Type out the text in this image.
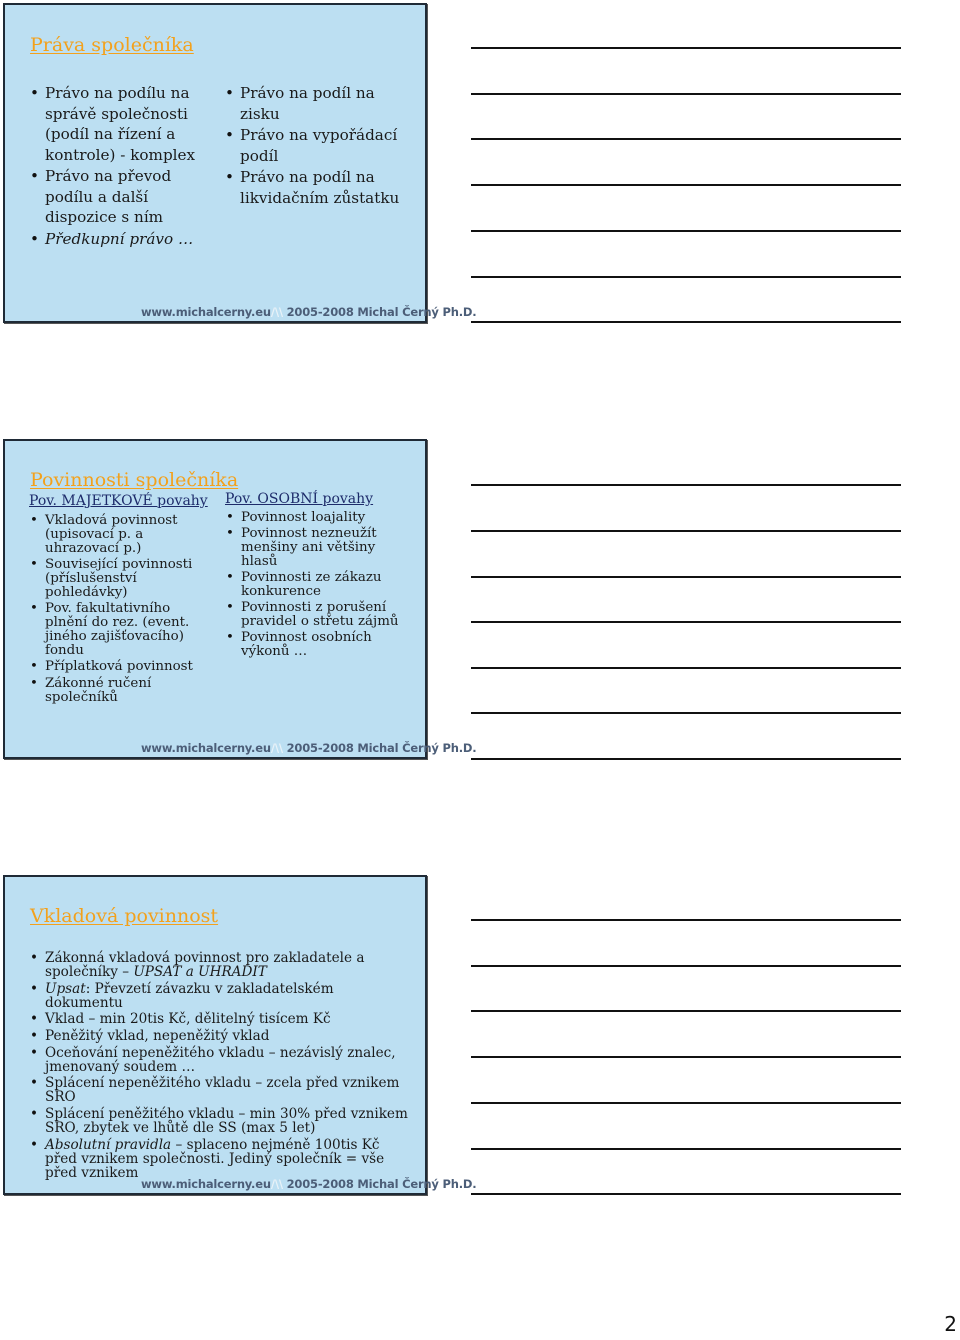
Práva společníka
• Právo na podílu na správě společnosti (podíl na řízení a kontrole) - komplex
• Právo na převod podílu a další dispozice s ním
• Předkupní právo …
• Právo na podíl na zisku
• Právo na vypořádací podíl
• Právo na podíl na likvidačním zůstatku
www.michalcerny.eu/\\ 2005-2008 Michal Černý Ph.D.
Povinnosti společníka
Pov. MAJETKOVÉ povahy Pov. OSOBNÍ povahy
• Vkladová povinnost (upisovací p. a uhrazovací p.)
• Související povinnosti (příslušenství pohledávky)
• Pov. fakultativního plnění do rez. (event. jiného zajišťovacího) fondu
• Příplatková povinnost
• Zákonné ručení společníků
• Povinnost loajality
• Povinnost nezneužít menšiny ani většiny hlasů
• Povinnosti ze zákazu konkurence
• Povinnosti z porušení pravidel o střetu zájmů
• Povinnost osobních výkonů …
www.michalcerny.eu/\\ 2005-2008 Michal Černý Ph.D.
Vkladová povinnost
• Zákonná vkladová povinnost pro zakladatele a společníky – UPSAT a UHRADIT
• Upsat: Převzetí závazku v zakladatelském dokumentu
• Vklad – min 20tis Kč, dělitelný tisícem Kč
• Peněžitý vklad, nepeněžitý vklad
• Oceňování nepeněžitého vkladu – nezávislý znalec, jmenovaný soudem …
• Splácení nepeněžitého vkladu – zcela před vznikem SRO
• Splácení peněžitého vkladu – min 30% před vznikem SRO, zbytek ve lhůtě dle SS (max 5 let)
• Absolutní pravidla – splaceno nejméně 100tis Kč před vznikem společnosti. Jediný společník = vše před vznikem
www.michalcerny.eu/\\ 2005-2008 Michal Černý Ph.D.
2
